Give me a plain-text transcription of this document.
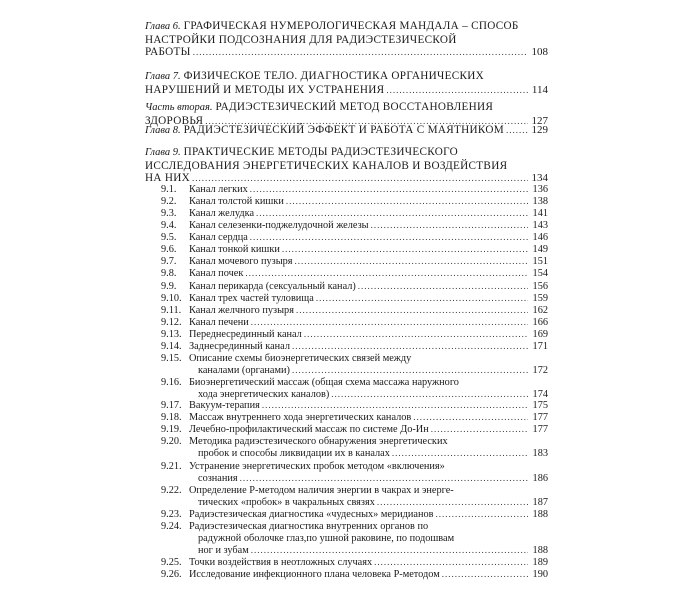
Глава 6. ГРАФИЧЕСКАЯ НУМЕРОЛОГИЧЕСКАЯ МАНДАЛА – СПОСОБ
НАСТРОЙКИ ПОДСОЗНАНИЯ ДЛЯ РАДИЭСТЕЗИЧЕСКОЙ
РАБОТЫ .....	108
Глава 7. ФИЗИЧЕСКОЕ ТЕЛО. ДИАГНОСТИКА ОРГАНИЧЕСКИХ
НАРУШЕНИЙ И МЕТОДЫ ИХ УСТРАНЕНИЯ .....	114
Часть вторая. РАДИЭСТЕЗИЧЕСКИЙ МЕТОД ВОССТАНОВЛЕНИЯ
ЗДОРОВЬЯ .....	127
Глава 8. РАДИЭСТЕЗИЧЕСКИЙ ЭФФЕКТ И РАБОТА С МАЯТНИКОМ ..... 129
Глава 9. ПРАКТИЧЕСКИЕ МЕТОДЫ РАДИЭСТЕЗИЧЕСКОГО
ИССЛЕДОВАНИЯ ЭНЕРГЕТИЧЕСКИХ КАНАЛОВ И ВОЗДЕЙСТВИЯ
НА НИХ .....	134
9.1.	Канал легких .....	136
9.2.	Канал толстой кишки .....	138
9.3.	Канал желудка .....	141
9.4.	Канал селезенки-поджелудочной железы .....	143
9.5.	Канал сердца .....	146
9.6.	Канал тонкой кишки .....	149
9.7.	Канал мочевого пузыря .....	151
9.8.	Канал почек .....	154
9.9.	Канал перикарда (сексуальный канал) .....	156
9.10. Канал трех частей туловища .....	159
9.11. Канал желчного пузыря .....	162
9.12. Канал печени .....	166
9.13. Переднесрединный канал .....	169
9.14. Заднесрединный канал .....	171
9.15. Описание схемы биоэнергетических связей между
каналами (органами) .....	172
9.16. Биоэнергетический массаж (общая схема массажа наружного
хода энергетических каналов) .....	174
9.17. Вакуум-терапия .....	175
9.18. Массаж внутреннего хода энергетических каналов .....	177
9.19. Лечебно-профилактический массаж по системе До-Ин .....	177
9.20. Методика радиэстезического обнаружения энергетических
пробок и способы ликвидации их в каналах .....	183
9.21. Устранение энергетических пробок методом «включения»
сознания .....	186
9.22. Определение Р-методом наличия энергии в чакрах и энерге-
тических «пробок» в чакральных связях .....	187
9.23. Радиэстезическая диагностика «чудесных» меридианов .....	188
9.24. Радиэстезическая диагностика внутренних органов по
радужной оболочке глаз,по ушной раковине, по подошвам
ног и зубам .....	188
9.25. Точки воздействия в неотложных случаях .....	189
9.26. Исследование инфекционного плана человека Р-методом .....	190
